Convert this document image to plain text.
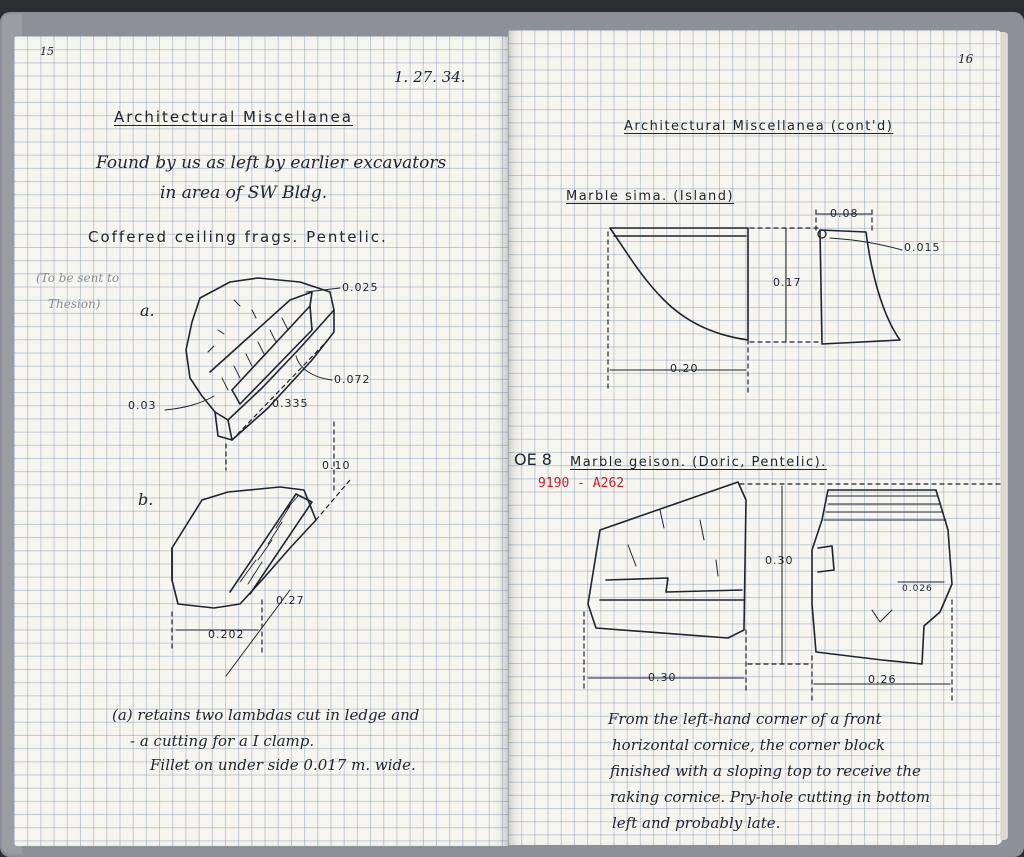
15
1. 27. 34.
Architectural Miscellanea
Found by us as left by earlier excavators
in area of SW Bldg.
Coffered ceiling frags. Pentelic.
(To be sent to
Thesion) a.
b.
0.025
0.072
0.335
0.03
0.10
0.27
0.202
(a) retains two lambdas cut in ledge and
- a cutting for a I clamp.
Fillet on under side 0.017 m. wide.
16
Architectural Miscellanea (cont'd)
Marble sima. (Island)
0.08
0.015
0.17
0.20
OE 8 Marble geison. (Doric, Pentelic).
9190 - A262
0.30
0.026
0.30	0.26
From the left-hand corner of a front
horizontal cornice, the corner block
finished with a sloping top to receive the
raking cornice. Pry-hole cutting in bottom
left and probably late.
